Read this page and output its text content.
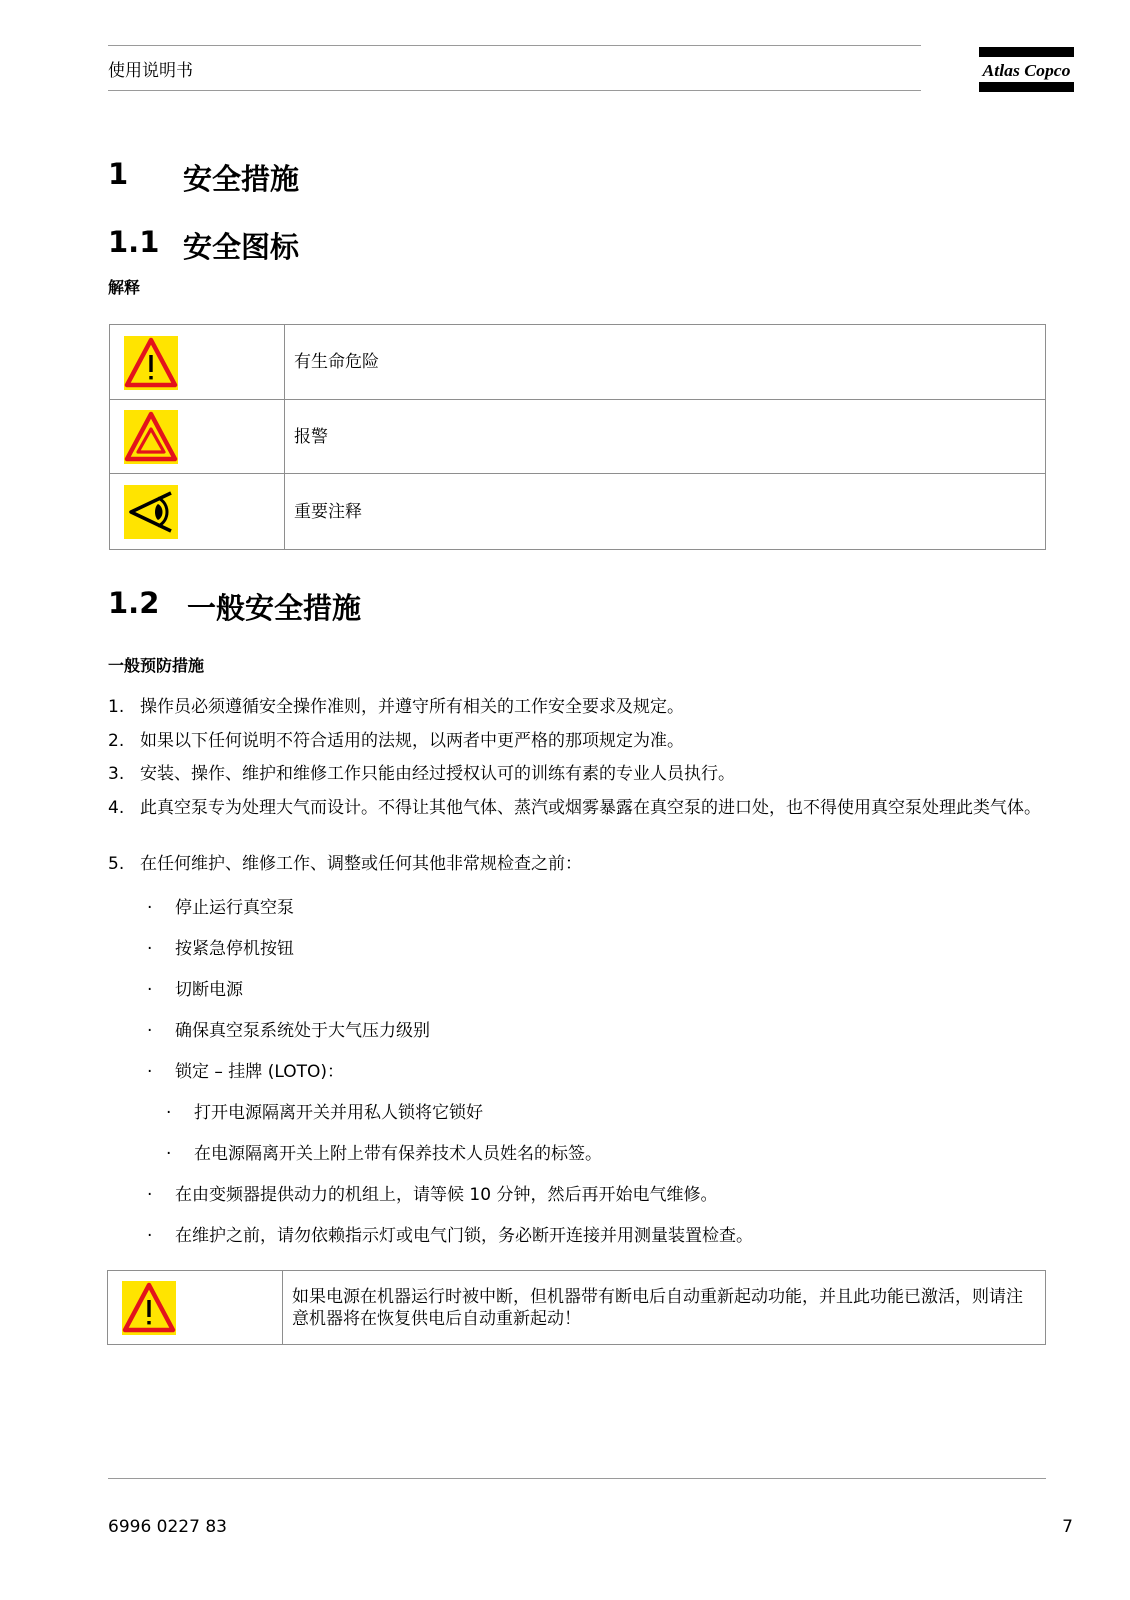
使用说明书	Atlas Copco
1 安全措施
1.1 安全图标
解释
	有生命危险

	报警

	重要注释
1.2 一般安全措施
一般预防措施
1. 操作员必须遵循安全操作准则，并遵守所有相关的工作安全要求及规定。
2. 如果以下任何说明不符合适用的法规，以两者中更严格的那项规定为准。
3. 安装、操作、维护和维修工作只能由经过授权认可的训练有素的专业人员执行。
4. 此真空泵专为处理大气而设计。不得让其他气体、蒸汽或烟雾暴露在真空泵的进口处，也不得使用真空泵处理此类气体。
5. 在任何维护、维修工作、调整或任何其他非常规检查之前：
· 停止运行真空泵
· 按紧急停机按钮
· 切断电源
· 确保真空泵系统处于大气压力级别
· 锁定 – 挂牌 (LOTO)：
· 打开电源隔离开关并用私人锁将它锁好
· 在电源隔离开关上附上带有保养技术人员姓名的标签。
· 在由变频器提供动力的机组上，请等候 10 分钟，然后再开始电气维修。
· 在维护之前，请勿依赖指示灯或电气门锁，务必断开连接并用测量装置检查。
	如果电源在机器运行时被中断，但机器带有断电后自动重新起动功能，并且此功能已激活，则请注意机器将在恢复供电后自动重新起动！
6996 0227 83	7
